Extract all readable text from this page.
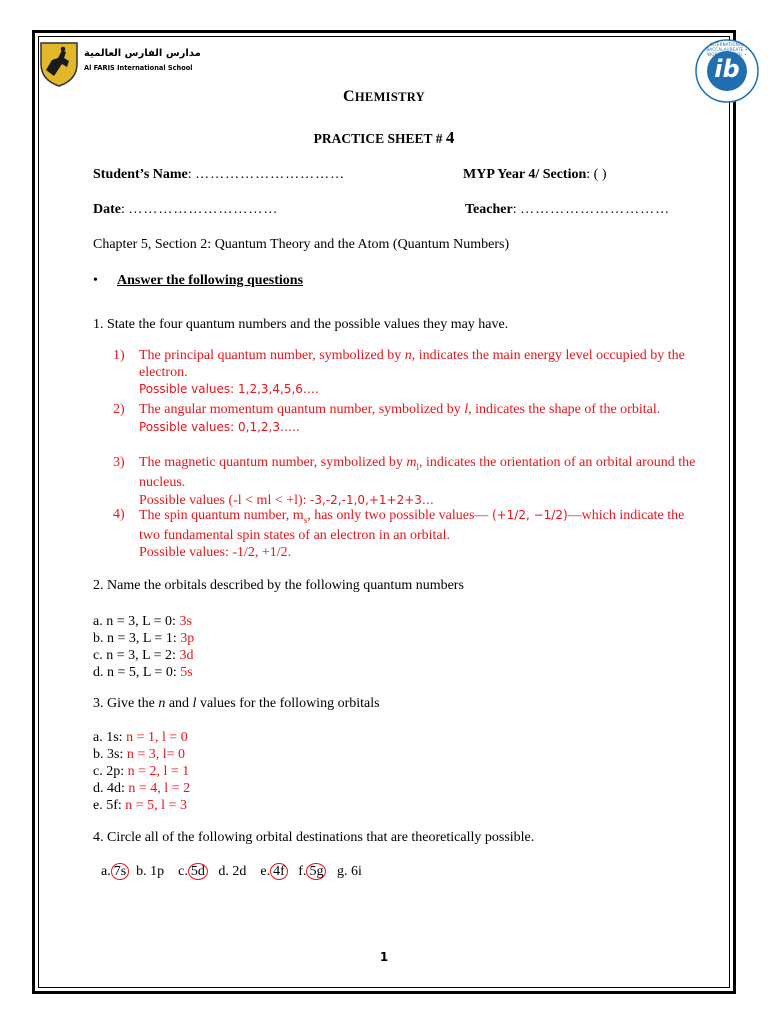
مدارس الفارس العالمية
Al FARIS International School	ib
INTERNATIONAL BACCALAUREATE • WORLD SCHOOL •
CHEMISTRY
PRACTICE SHEET # 4
Student’s Name: …………………………	MYP Year 4/ Section: ( )
Date: …………………………	Teacher: …………………………
Chapter 5, Section 2: Quantum Theory and the Atom (Quantum Numbers)
• Answer the following questions
1. State the four quantum numbers and the possible values they may have.
1) The principal quantum number, symbolized by n, indicates the main energy level occupied by the electron.
Possible values: 1,2,3,4,5,6….
2) The angular momentum quantum number, symbolized by l, indicates the shape of the orbital.
Possible values: 0,1,2,3…..
3) The magnetic quantum number, symbolized by $m_l$, indicates the orientation of an orbital around the nucleus.
Possible values (-l < ml < +l): -3,-2,-1,0,+1+2+3…
4) The spin quantum number, $m_s$, has only two possible values— (+1/2, −1/2)—which indicate the two fundamental spin states of an electron in an orbital.
Possible values: -1/2, +1/2.
2. Name the orbitals described by the following quantum numbers
a. n = 3, L = 0: 3s
b. n = 3, L = 1: 3p
c. n = 3, L = 2: 3d
d. n = 5, L = 0: 5s
3. Give the n and l values for the following orbitals
a. 1s: n = 1, l = 0
b. 3s: n = 3, l= 0
c. 2p: n = 2, l = 1
d. 4d: n = 4, l = 2
e. 5f: n = 5, l = 3
4. Circle all of the following orbital destinations that are theoretically possible.
a. 7s b. 1p c. 5d d. 2d e. 4f f. 5g g. 6i
1
